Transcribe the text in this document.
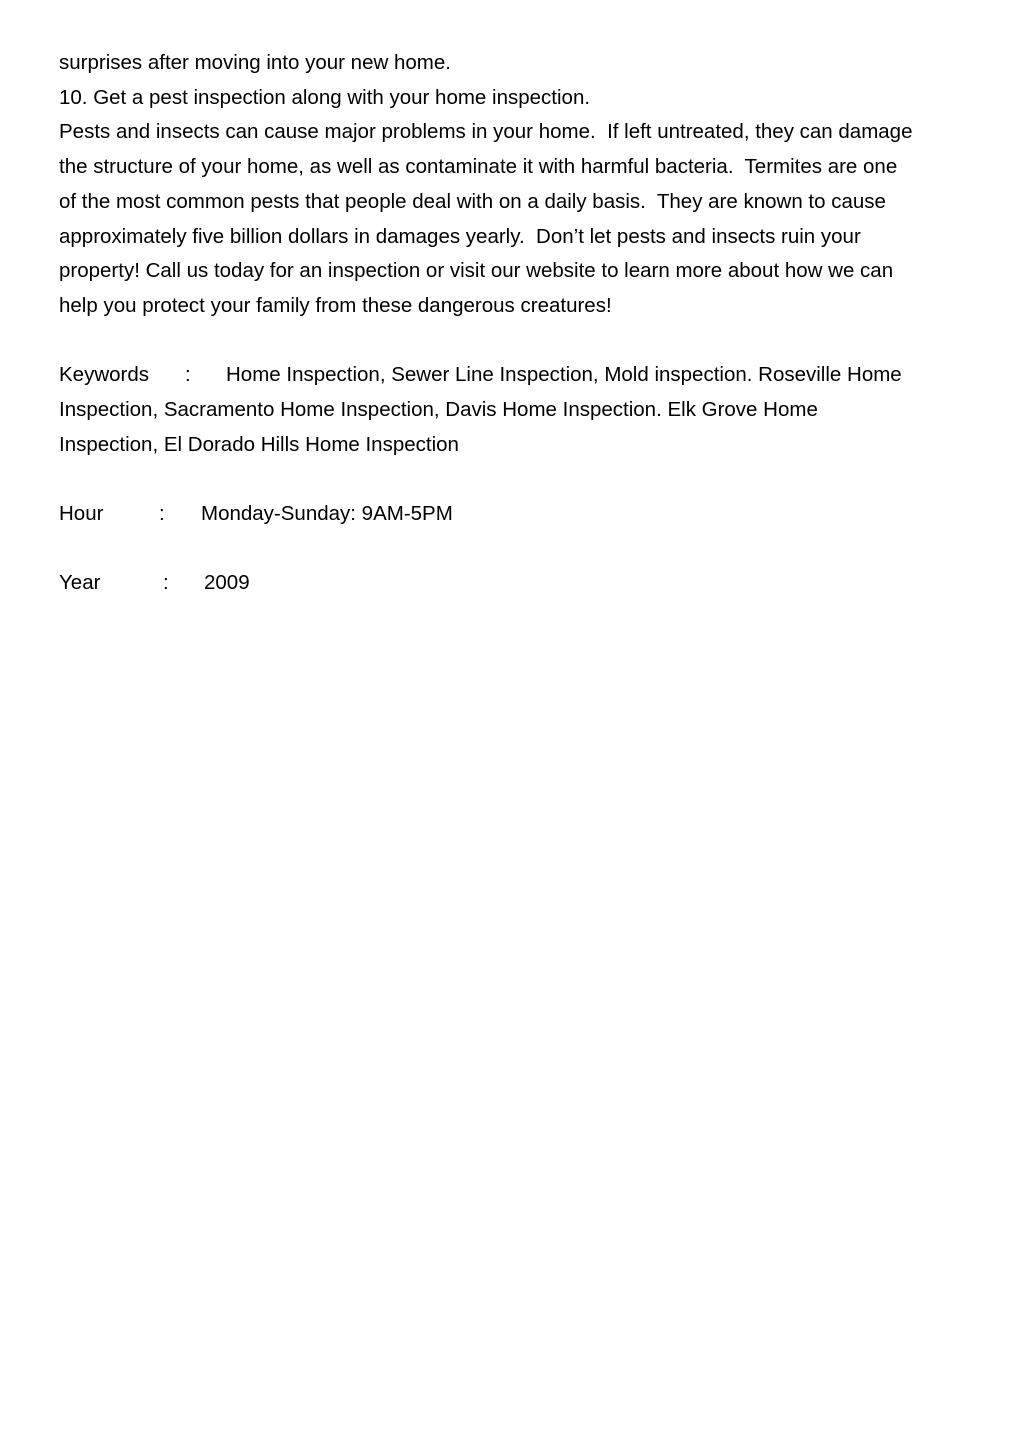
surprises after moving into your new home.
10. Get a pest inspection along with your home inspection.
Pests and insects can cause major problems in your home.  If left untreated, they can damage
the structure of your home, as well as contaminate it with harmful bacteria.  Termites are one
of the most common pests that people deal with on a daily basis.  They are known to cause
approximately five billion dollars in damages yearly.  Don’t let pests and insects ruin your
property! Call us today for an inspection or visit our website to learn more about how we can
help you protect your family from these dangerous creatures!
Keywords : Home Inspection, Sewer Line Inspection, Mold inspection. Roseville Home
Inspection, Sacramento Home Inspection, Davis Home Inspection. Elk Grove Home
Inspection, El Dorado Hills Home Inspection
Hour	: Monday-Sunday: 9AM-5PM
Year	: 2009
